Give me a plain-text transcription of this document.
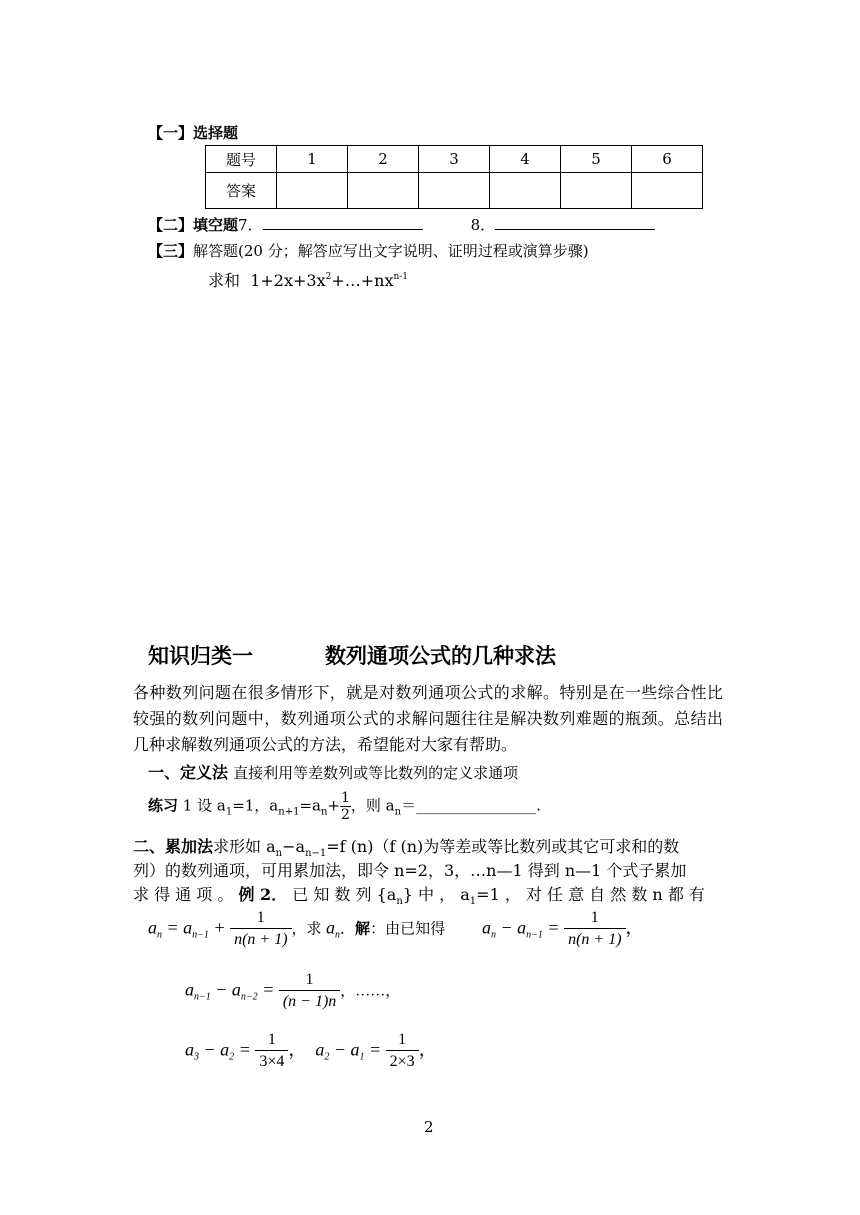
【一】选择题
题号	1	2	3	4	5	6
答案						
【二】填空题7．	8．
【三】解答题(20 分；解答应写出文字说明、证明过程或演算步骤)
求和 $1+2x+3x^2+\dots+nx^{n-1}$
知识归类一	数列通项公式的几种求法
各种数列问题在很多情形下，就是对数列通项公式的求解。特别是在一些综合性比较强的数列问题中，数列通项公式的求解问题往往是解决数列难题的瓶颈。总结出几种求解数列通项公式的方法，希望能对大家有帮助。
一、定义法 直接利用等差数列或等比数列的定义求通项
练习 1 设 $a_1=1$，$a_{n+1}=a_n+ \frac{1}{2}$ ，则 $a_n=\_\_\_\_\_\_\_\_\_\_\_\_\_\_\_\_$.
二、累加法求形如 $a_n-a_{n-1}=f$ (n)（f (n)为等差或等比数列或其它可求和的数
列）的数列通项，可用累加法，即令 n=2，3，…n—1 得到 n—1 个式子累加
求 得 通 项 。 例 2． 已 知 数 列 $\{a_n\}$ 中 ， $a_1=1$ ， 对 任 意 自 然 数 n 都 有
$a_n = a_{n-1} + \frac{1}{n(n + 1)}$ ，求 $a_n$．解：由已知得 $a_n - a_{n-1} = \frac{1}{n(n + 1)}$ ，
$a_{n-1} - a_{n-2} = \frac{1}{(n - 1)n}$ ，……，
$a_3 - a_2 = \frac{1}{3\times 4}$ ，  $a_2 - a_1 = \frac{1}{2\times 3}$ ，
2
